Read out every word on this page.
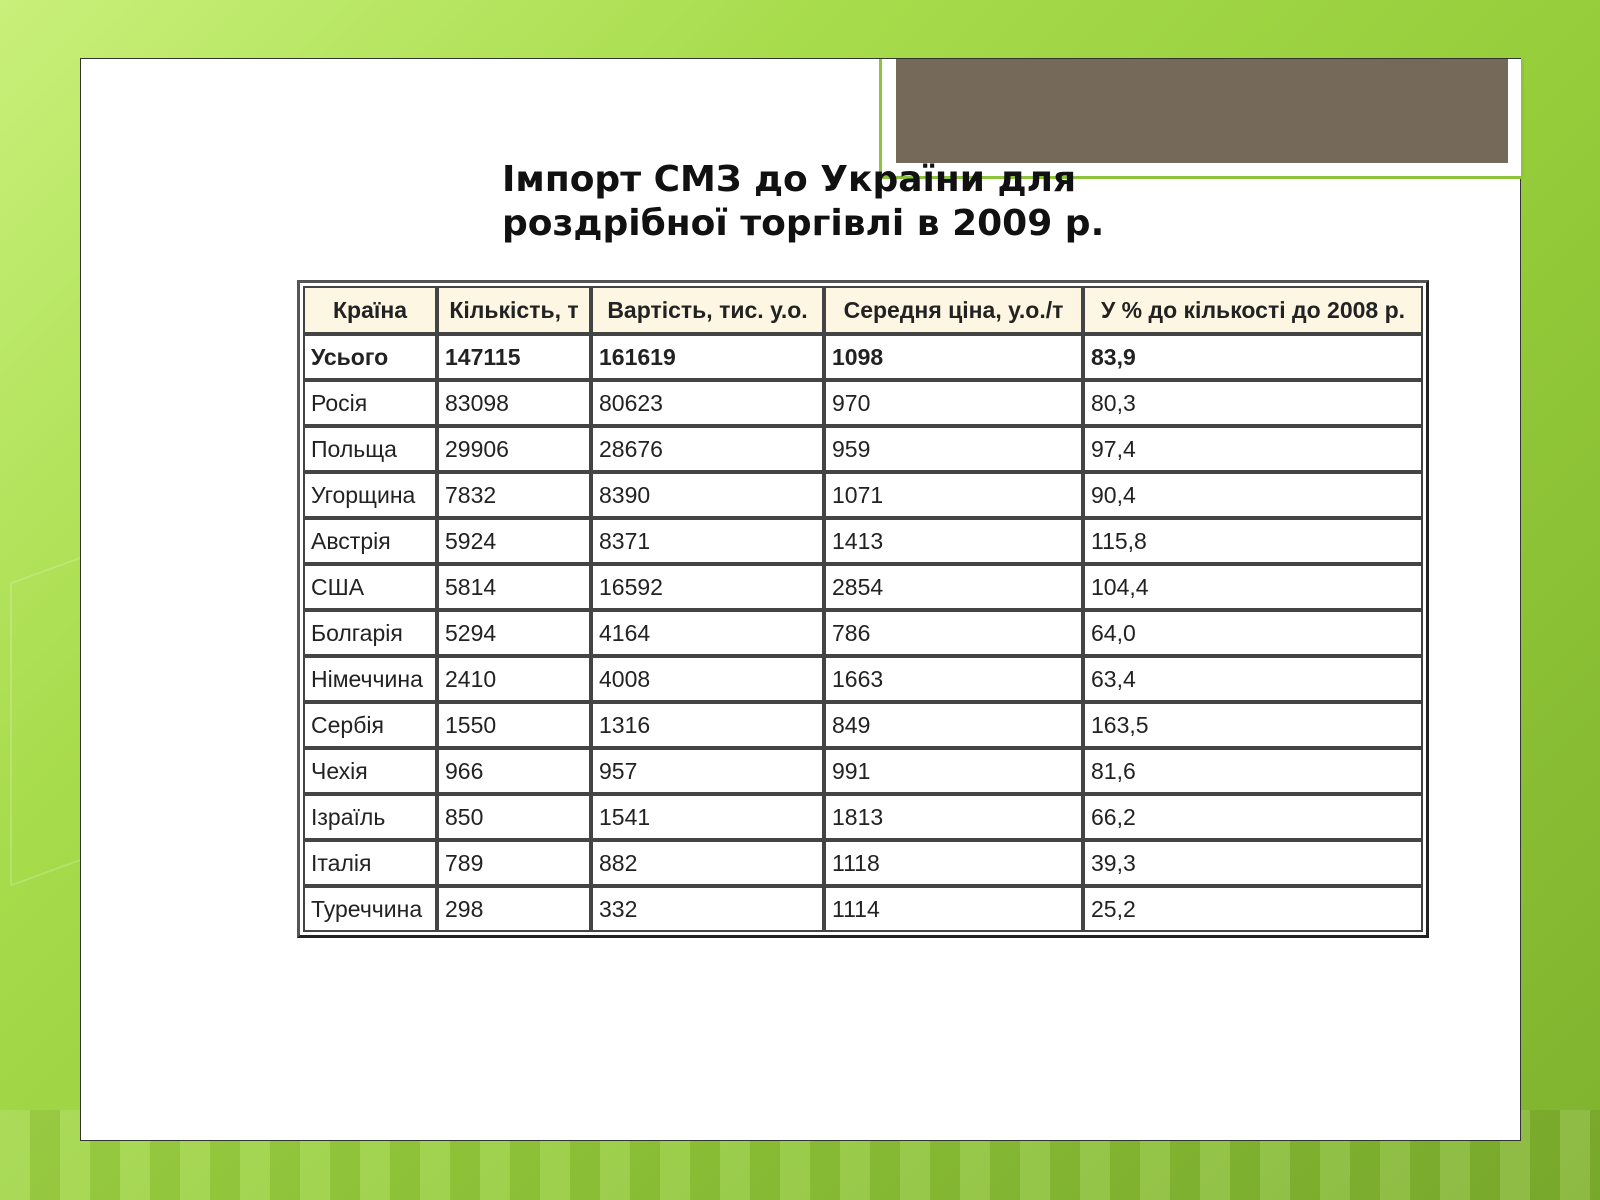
Імпорт СМЗ до України для
роздрібної торгівлі в 2009 р.
Країна	Кількість, т	Вартість, тис. у.о.	Середня ціна, у.о./т	У % до кількості до 2008 р.
Усього	147115	161619	1098	83,9
Росія	83098	80623	970	80,3
Польща	29906	28676	959	97,4
Угорщина	7832	8390	1071	90,4
Австрія	5924	8371	1413	115,8
США	5814	16592	2854	104,4
Болгарія	5294	4164	786	64,0
Німеччина	2410	4008	1663	63,4
Сербія	1550	1316	849	163,5
Чехія	966	957	991	81,6
Ізраїль	850	1541	1813	66,2
Італія	789	882	1118	39,3
Туреччина	298	332	1114	25,2
